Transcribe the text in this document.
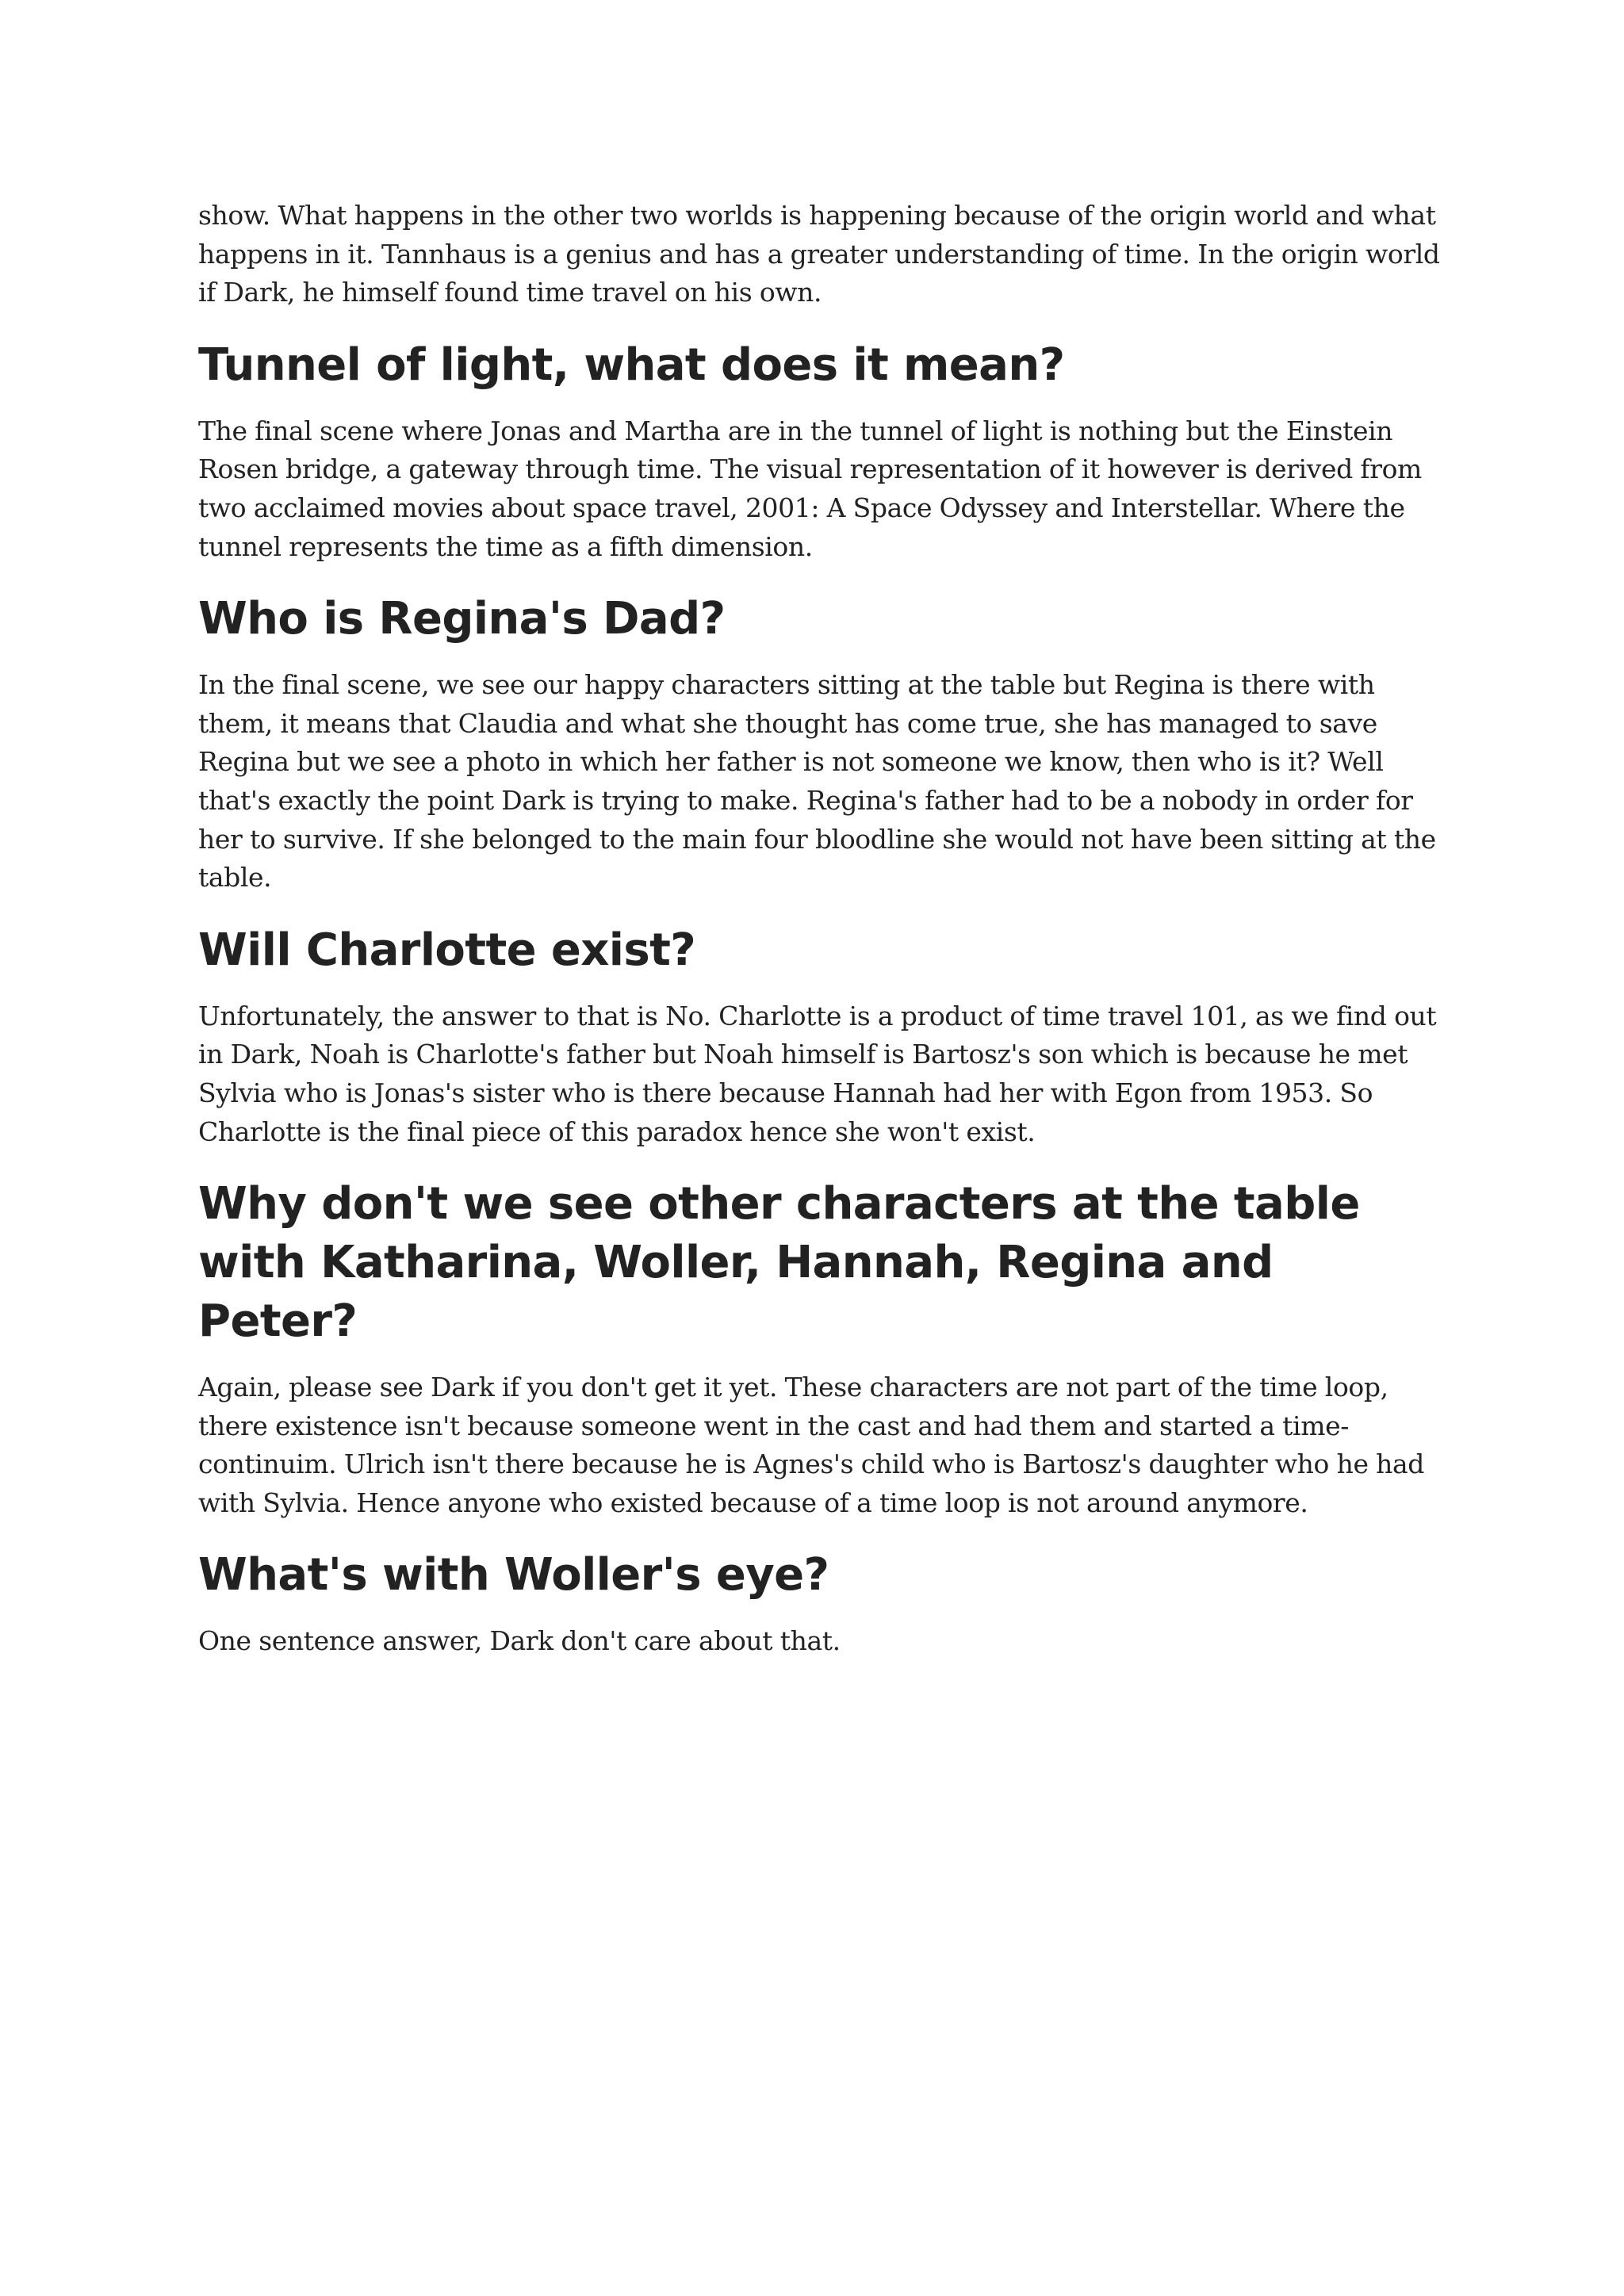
show. What happens in the other two worlds is happening because of the origin world and what happens in it. Tannhaus is a genius and has a greater understanding of time. In the origin world if Dark, he himself found time travel on his own.

Tunnel of light, what does it mean?

The final scene where Jonas and Martha are in the tunnel of light is nothing but the Einstein Rosen bridge, a gateway through time. The visual representation of it however is derived from two acclaimed movies about space travel, 2001: A Space Odyssey and Interstellar. Where the tunnel represents the time as a fifth dimension.

Who is Regina's Dad?

In the final scene, we see our happy characters sitting at the table but Regina is there with them, it means that Claudia and what she thought has come true, she has managed to save Regina but we see a photo in which her father is not someone we know, then who is it? Well that's exactly the point Dark is trying to make. Regina's father had to be a nobody in order for her to survive. If she belonged to the main four bloodline she would not have been sitting at the table.

Will Charlotte exist?

Unfortunately, the answer to that is No. Charlotte is a product of time travel 101, as we find out in Dark, Noah is Charlotte's father but Noah himself is Bartosz's son which is because he met Sylvia who is Jonas's sister who is there because Hannah had her with Egon from 1953. So Charlotte is the final piece of this paradox hence she won't exist.

Why don't we see other characters at the table with Katharina, Woller, Hannah, Regina and Peter?

Again, please see Dark if you don't get it yet. These characters are not part of the time loop, there existence isn't because someone went in the cast and had them and started a time-continuim. Ulrich isn't there because he is Agnes's child who is Bartosz's daughter who he had with Sylvia. Hence anyone who existed because of a time loop is not around anymore.

What's with Woller's eye?

One sentence answer, Dark don't care about that.
